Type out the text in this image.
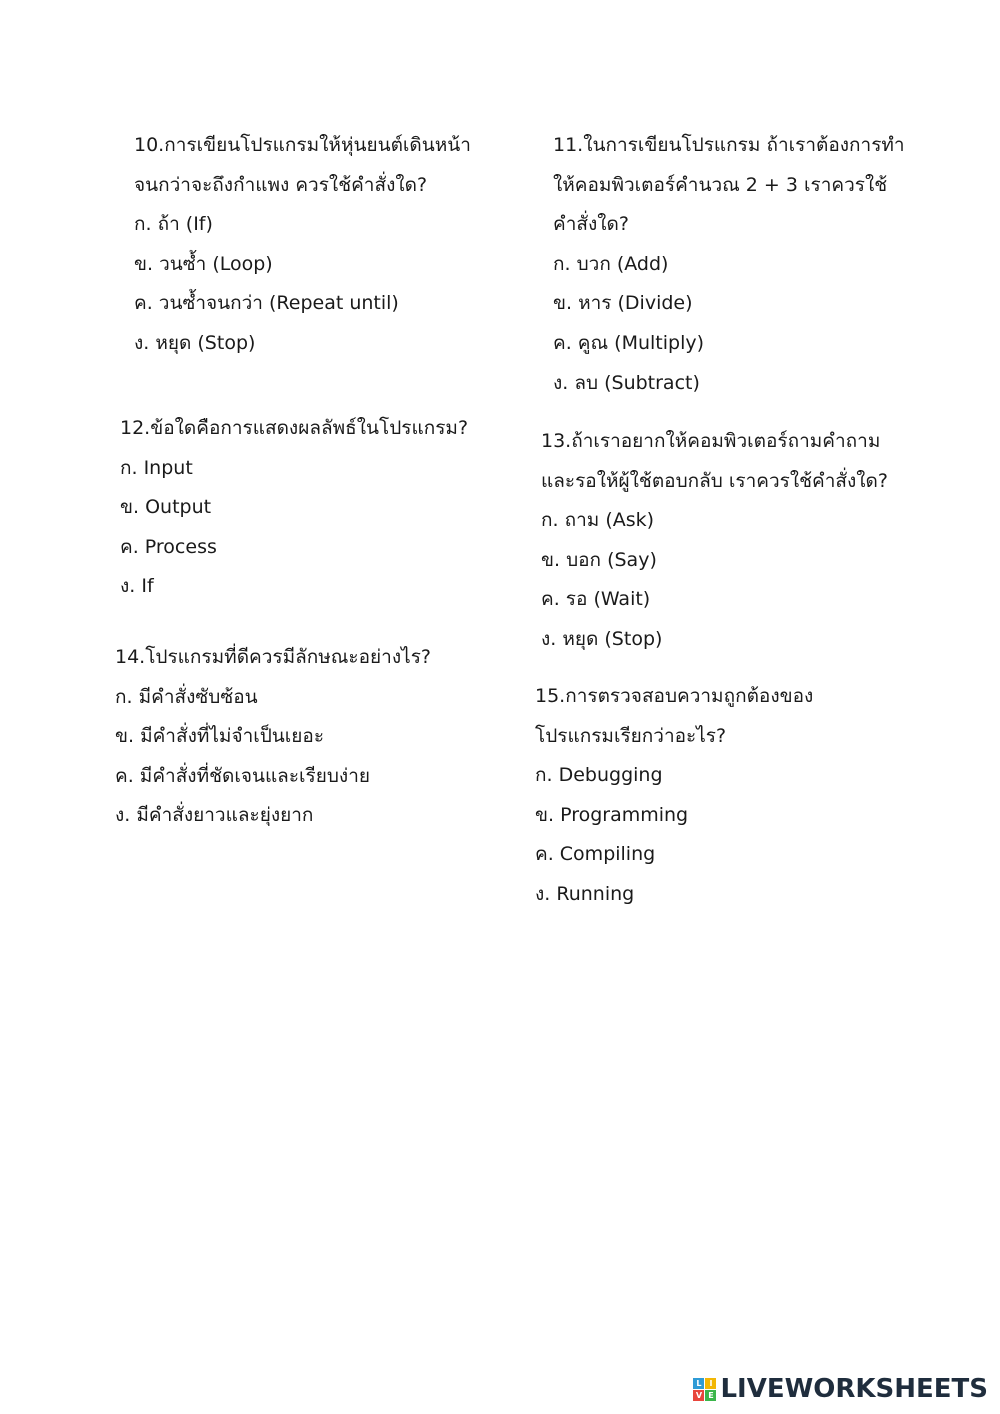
10.การเขียนโปรแกรมให้หุ่นยนต์เดินหน้า
จนกว่าจะถึงกำแพง ควรใช้คำสั่งใด?
ก. ถ้า (If)
ข. วนซ้ำ (Loop)
ค. วนซ้ำจนกว่า (Repeat until)
ง. หยุด (Stop)
11.ในการเขียนโปรแกรม ถ้าเราต้องการทำ
ให้คอมพิวเตอร์คำนวณ 2 + 3 เราควรใช้
คำสั่งใด?
ก. บวก (Add)
ข. หาร (Divide)
ค. คูณ (Multiply)
ง. ลบ (Subtract)
12.ข้อใดคือการแสดงผลลัพธ์ในโปรแกรม?
ก. Input
ข. Output
ค. Process
ง. If
13.ถ้าเราอยากให้คอมพิวเตอร์ถามคำถาม
และรอให้ผู้ใช้ตอบกลับ เราควรใช้คำสั่งใด?
ก. ถาม (Ask)
ข. บอก (Say)
ค. รอ (Wait)
ง. หยุด (Stop)
14.โปรแกรมที่ดีควรมีลักษณะอย่างไร?
ก. มีคำสั่งซับซ้อน
ข. มีคำสั่งที่ไม่จำเป็นเยอะ
ค. มีคำสั่งที่ชัดเจนและเรียบง่าย
ง. มีคำสั่งยาวและยุ่งยาก
15.การตรวจสอบความถูกต้องของ
โปรแกรมเรียกว่าอะไร?
ก. Debugging
ข. Programming
ค. Compiling
ง. Running
L I
V E LIVEWORKSHEETS
